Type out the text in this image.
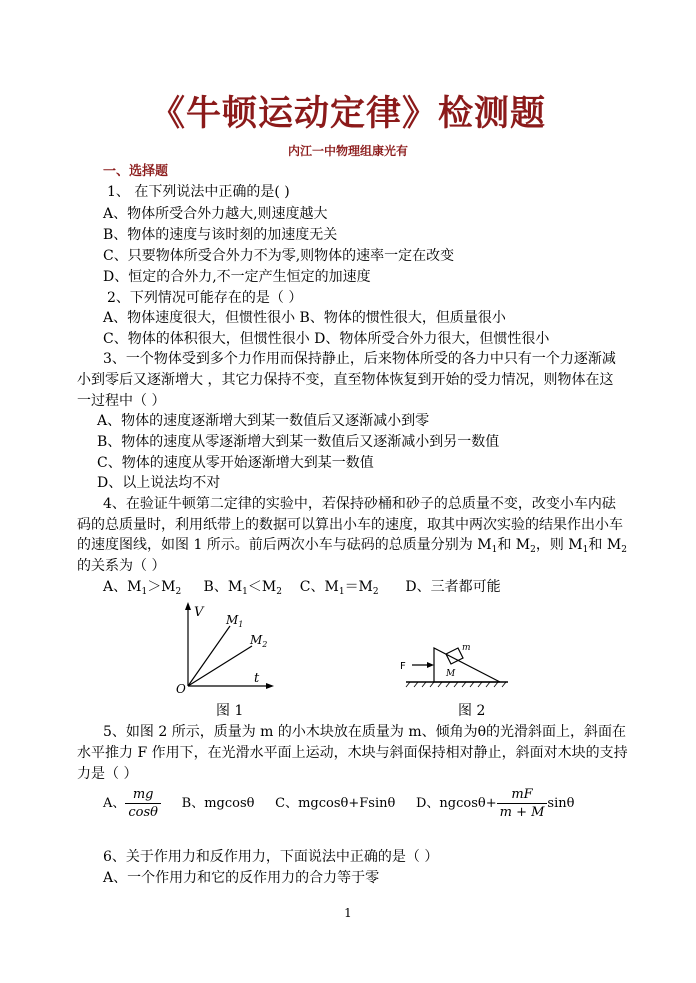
《牛顿运动定律》检测题
内江一中物理组康光有
一、选择题
1、 在下列说法中正确的是( )
A、物体所受合外力越大,则速度越大
B、物体的速度与该时刻的加速度无关
C、只要物体所受合外力不为零,则物体的速率一定在改变
D、恒定的合外力,不一定产生恒定的加速度
2、下列情况可能存在的是（ ）
A、物体速度很大，但惯性很小 B、物体的惯性很大，但质量很小
C、物体的体积很大，但惯性很小 D、物体所受合外力很大，但惯性很小
3、一个物体受到多个力作用而保持静止，后来物体所受的各力中只有一个力逐渐减
小到零后又逐渐增大 ，其它力保持不变，直至物体恢复到开始的受力情况，则物体在这
一过程中（ ）
A、物体的速度逐渐增大到某一数值后又逐渐减小到零
B、物体的速度从零逐渐增大到某一数值后又逐渐减小到另一数值
C、物体的速度从零开始逐渐增大到某一数值
D、以上说法均不对
4、在验证牛顿第二定律的实验中，若保持砂桶和砂子的总质量不变，改变小车内砝
码的总质量时，利用纸带上的数据可以算出小车的速度，取其中两次实验的结果作出小车
的速度图线，如图 1 所示。前后两次小车与砝码的总质量分别为 $M_1$和 $M_2$，则 $M_1$和 $M_2$
的关系为（ ）
A、$M_1>M_2$ B、$M_1<M_2$ C、$M_1=M_2$ D、三者都可能
V
t
O
$M_1$
$M_2$
图 1
F
m
M
图 2
5、如图 2 所示，质量为 m 的小木块放在质量为 m、倾角为θ的光滑斜面上，斜面在
水平推力 F 作用下，在光滑水平面上运动，木块与斜面保持相对静止，斜面对木块的支持
力是（ ）
A、 $\frac{mg}{\cos\theta}$ B、mgcosθ C、mgcosθ+Fsinθ D、$ngcos\theta+ \frac{mF}{m + M}$ sinθ
6、关于作用力和反作用力，下面说法中正确的是（ ）
A、一个作用力和它的反作用力的合力等于零
1
